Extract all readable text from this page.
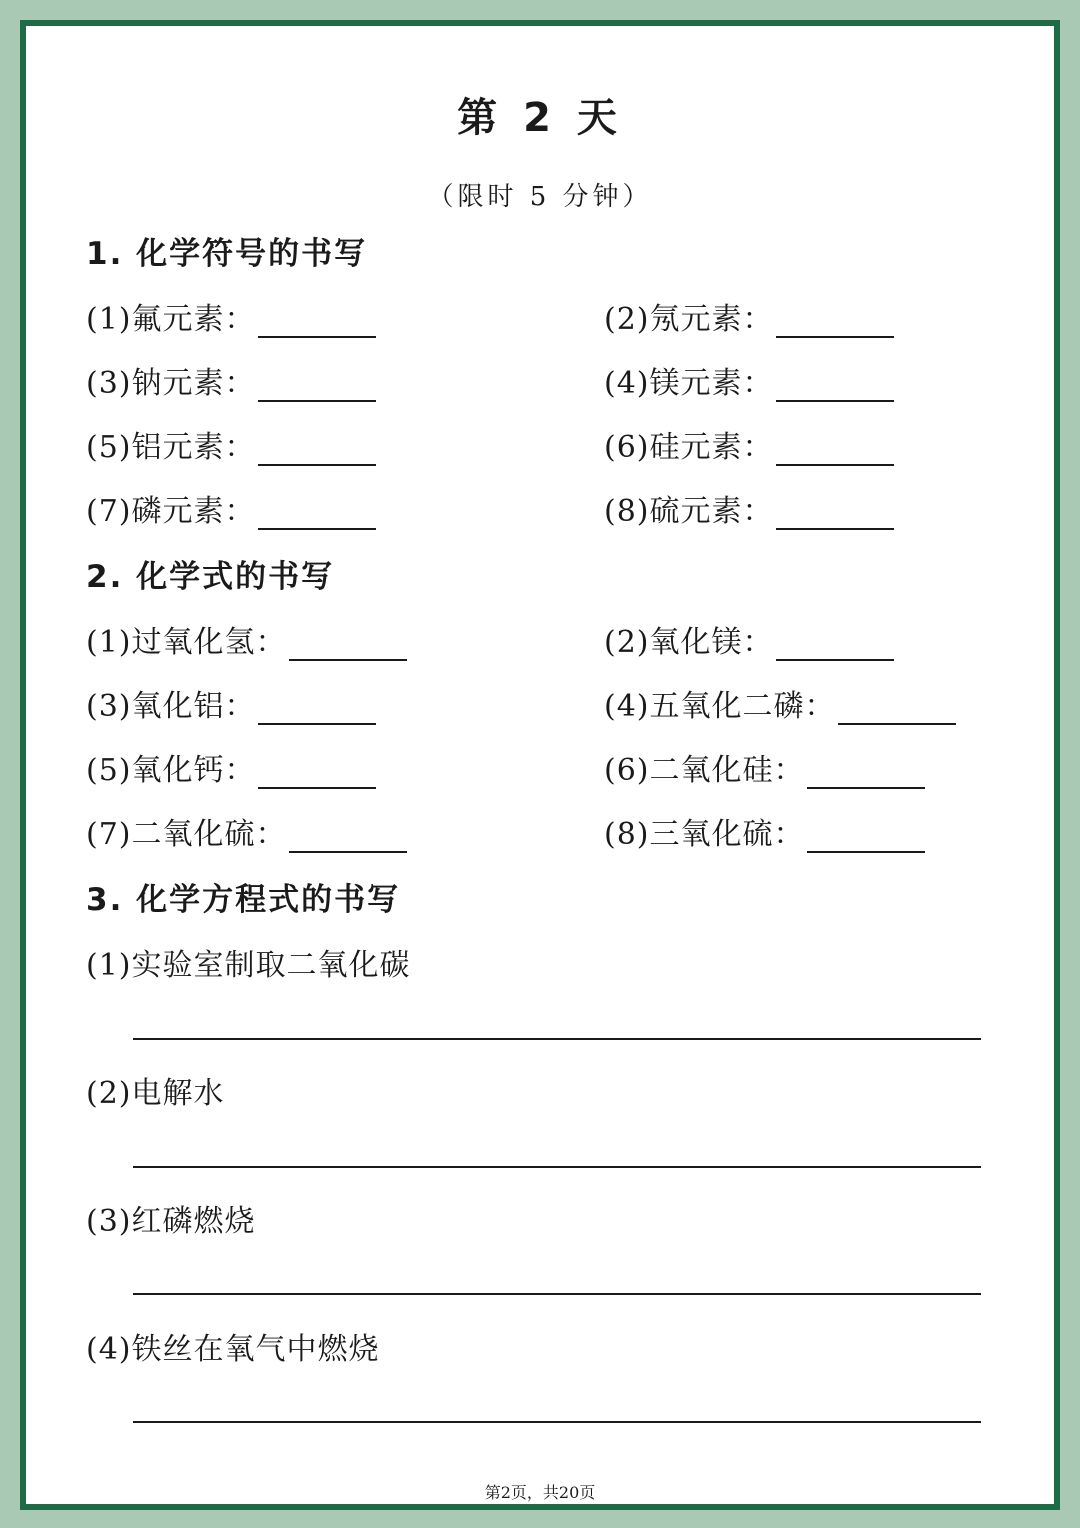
第 2 天
（限时 5 分钟）
1. 化学符号的书写
(1)氟元素：	(2)氖元素：
(3)钠元素：	(4)镁元素：
(5)铝元素：	(6)硅元素：
(7)磷元素：	(8)硫元素：
2. 化学式的书写
(1)过氧化氢：	(2)氧化镁：
(3)氧化铝：	(4)五氧化二磷：
(5)氧化钙：	(6)二氧化硅：
(7)二氧化硫：	(8)三氧化硫：
3. 化学方程式的书写
(1)实验室制取二氧化碳
(2)电解水
(3)红磷燃烧
(4)铁丝在氧气中燃烧
第2页，共20页
